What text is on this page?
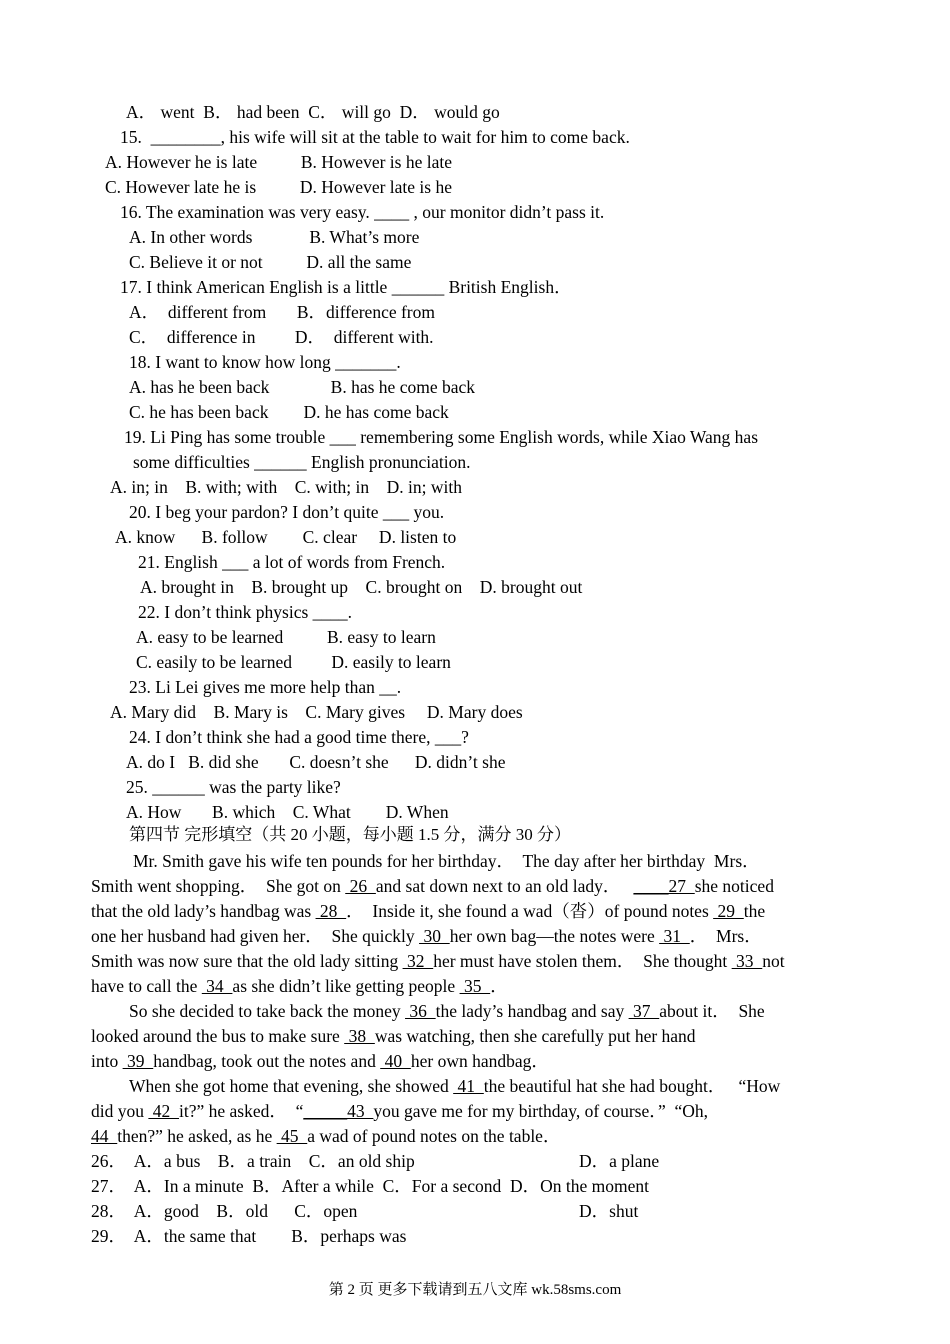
A． went  B． had been  C． will go  D． would go
15.  ________, his wife will sit at the table to wait for him to come back.
A. However he is late          B. However is he late
C. However late he is          D. However late is he
16. The examination was very easy. ____ , our monitor didn’t pass it.
A. In other words             B. What’s more
C. Believe it or not          D. all the same
17. I think American English is a little ______ British English．
A．  different from       B．difference from
C．  difference in         D．  different with.
18. I want to know how long _______.
A. has he been back              B. has he come back
C. he has been back        D. he has come back
19. Li Ping has some trouble ___ remembering some English words, while Xiao Wang has
some difficulties ______ English pronunciation.
A. in; in    B. with; with    C. with; in    D. in; with
20. I beg your pardon? I don’t quite ___ you.
A. know      B. follow        C. clear     D. listen to
21. English ___ a lot of words from French.
A. brought in    B. brought up    C. brought on    D. brought out
22. I don’t think physics ____.
A. easy to be learned          B. easy to learn
C. easily to be learned         D. easily to learn
23. Li Lei gives me more help than __.
A. Mary did    B. Mary is    C. Mary gives     D. Mary does
24. I don’t think she had a good time there, ___?
A. do I   B. did she       C. doesn’t she      D. didn’t she
25. ______ was the party like?
A. How       B. which    C. What        D. When
第四节 完形填空（共 20 小题，每小题 1.5 分，满分 30 分）
Mr. Smith gave his wife ten pounds for her birthday．  The day after her birthday  Mrs．
Smith went shopping．  She got on  26  and sat down next to an old lady．   ____27  she noticed
that the old lady’s handbag was  28  ．  Inside it, she found a wad（沓）of pound notes  29  the
one her husband had given her．  She quickly  30  her own bag—the notes were  31  ．  Mrs．
Smith was now sure that the old lady sitting  32  her must have stolen them．  She thought  33  not
have to call the  34  as she didn’t like getting people  35  ．
So she decided to take back the money  36  the lady’s handbag and say  37  about it．  She
looked around the bus to make sure  38  was watching, then she carefully put her hand
into  39  handbag, took out the notes and  40  her own handbag．
When she got home that evening, she showed  41  the beautiful hat she had bought．   “How
did you  42  it?” he asked．  “_____43  you gave me for my birthday, of course．”  “Oh,
44  then?” he asked, as he  45  a wad of pound notes on the table．
26．  A．a bus    B．a train    C．an old ship	D．a plane
27．  A．In a minute  B．After a while  C．For a second  D．On the moment
28．  A．good    B．old      C．open	D．shut
29．  A．the same that        B．perhaps was
第 2 页 更多下载请到五八文库 wk.58sms.com
